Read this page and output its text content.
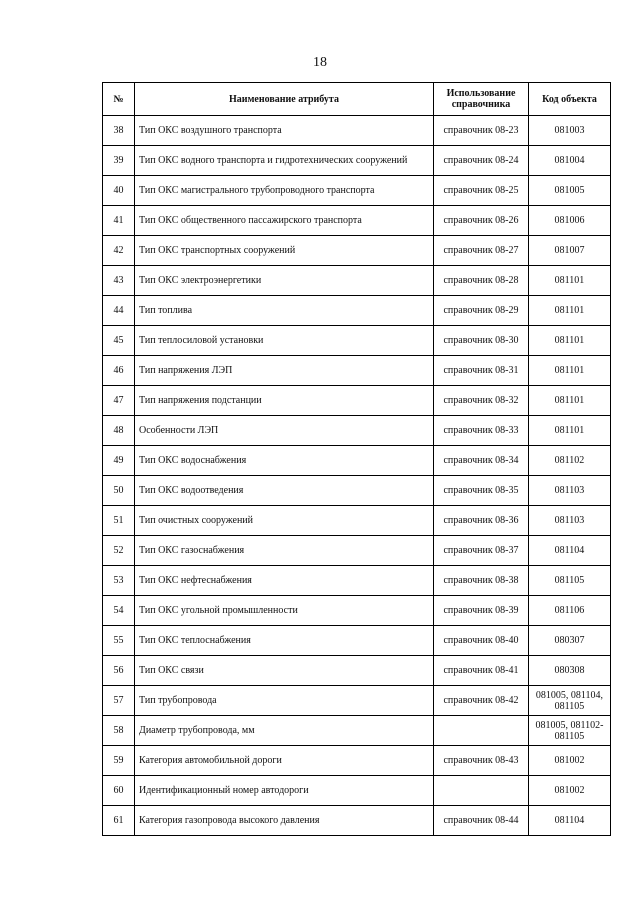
18
№	Наименование атрибута	Использование справочника	Код объекта
38	Тип ОКС воздушного транспорта	справочник 08-23	081003
39	Тип ОКС водного транспорта и гидротехнических сооружений	справочник 08-24	081004
40	Тип ОКС магистрального трубопроводного транспорта	справочник 08-25	081005
41	Тип ОКС общественного пассажирского транспорта	справочник 08-26	081006
42	Тип ОКС транспортных сооружений	справочник 08-27	081007
43	Тип ОКС электроэнергетики	справочник 08-28	081101
44	Тип топлива	справочник 08-29	081101
45	Тип теплосиловой установки	справочник 08-30	081101
46	Тип напряжения ЛЭП	справочник 08-31	081101
47	Тип напряжения подстанции	справочник 08-32	081101
48	Особенности ЛЭП	справочник 08-33	081101
49	Тип ОКС водоснабжения	справочник 08-34	081102
50	Тип ОКС водоотведения	справочник 08-35	081103
51	Тип очистных сооружений	справочник 08-36	081103
52	Тип ОКС газоснабжения	справочник 08-37	081104
53	Тип ОКС нефтеснабжения	справочник 08-38	081105
54	Тип ОКС угольной промышленности	справочник 08-39	081106
55	Тип ОКС теплоснабжения	справочник 08-40	080307
56	Тип ОКС связи	справочник 08-41	080308
57	Тип трубопровода	справочник 08-42	081005, 081104, 081105
58	Диаметр трубопровода, мм		081005, 081102-081105
59	Категория автомобильной дороги	справочник 08-43	081002
60	Идентификационный номер автодороги		081002
61	Категория газопровода высокого давления	справочник 08-44	081104
